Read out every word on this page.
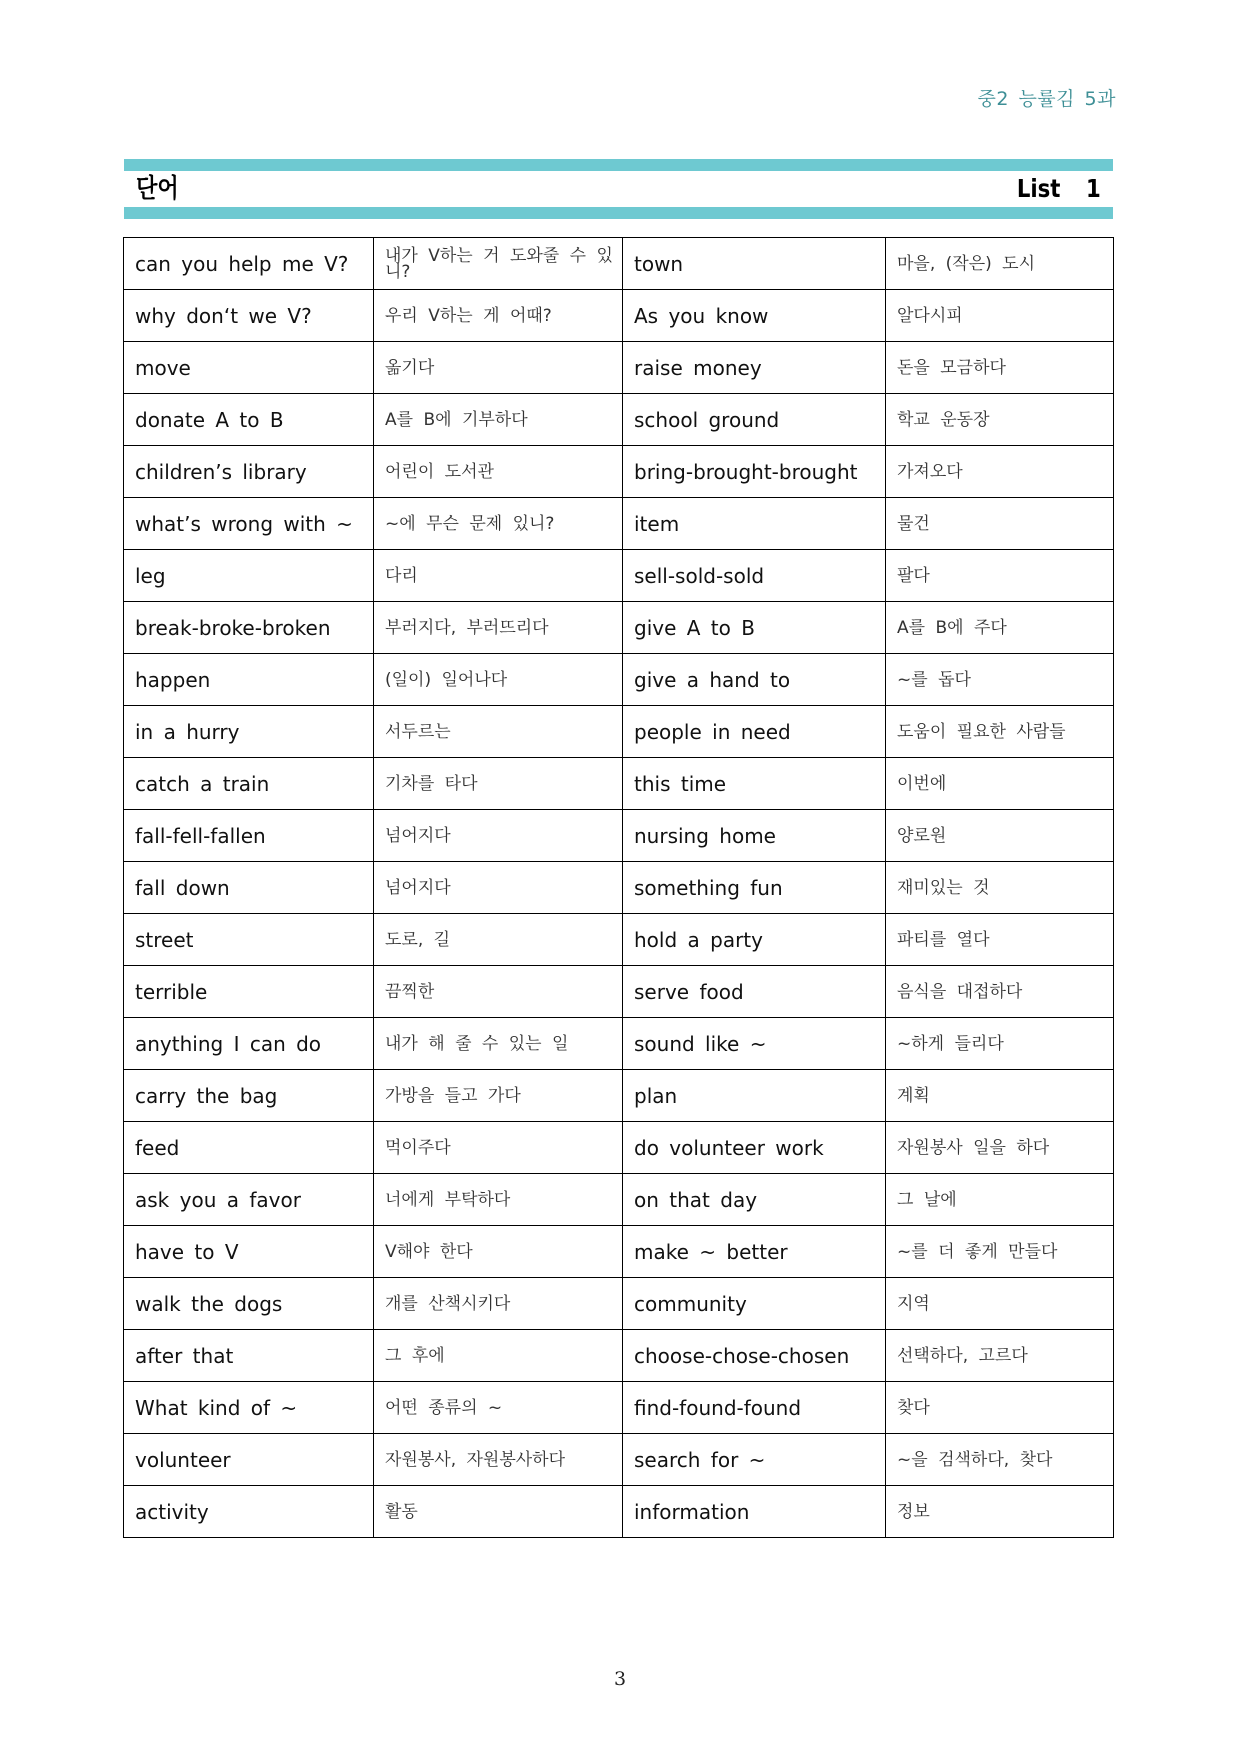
중2 능률김 5과
단어	List 1
can you help me V?	내가 V하는 거 도와줄 수 있니?	town	마을, (작은) 도시
why don‘t we V?	우리 V하는 게 어때?	As you know	알다시피
move	옮기다	raise money	돈을 모금하다
donate A to B	A를 B에 기부하다	school ground	학교 운동장
children’s library	어린이 도서관	bring-brought-brought	가져오다
what’s wrong with ~	~에 무슨 문제 있니?	item	물건
leg	다리	sell-sold-sold	팔다
break-broke-broken	부러지다, 부러뜨리다	give A to B	A를 B에 주다
happen	(일이) 일어나다	give a hand to	~를 돕다
in a hurry	서두르는	people in need	도움이 필요한 사람들
catch a train	기차를 타다	this time	이번에
fall-fell-fallen	넘어지다	nursing home	양로원
fall down	넘어지다	something fun	재미있는 것
street	도로, 길	hold a party	파티를 열다
terrible	끔찍한	serve food	음식을 대접하다
anything I can do	내가 해 줄 수 있는 일	sound like ~	~하게 들리다
carry the bag	가방을 들고 가다	plan	계획
feed	먹이주다	do volunteer work	자원봉사 일을 하다
ask you a favor	너에게 부탁하다	on that day	그 날에
have to V	V해야 한다	make ~ better	~를 더 좋게 만들다
walk the dogs	개를 산책시키다	community	지역
after that	그 후에	choose-chose-chosen	선택하다, 고르다
What kind of ~	어떤 종류의 ~	find-found-found	찾다
volunteer	자원봉사, 자원봉사하다	search for ~	~을 검색하다, 찾다
activity	활동	information	정보
3
